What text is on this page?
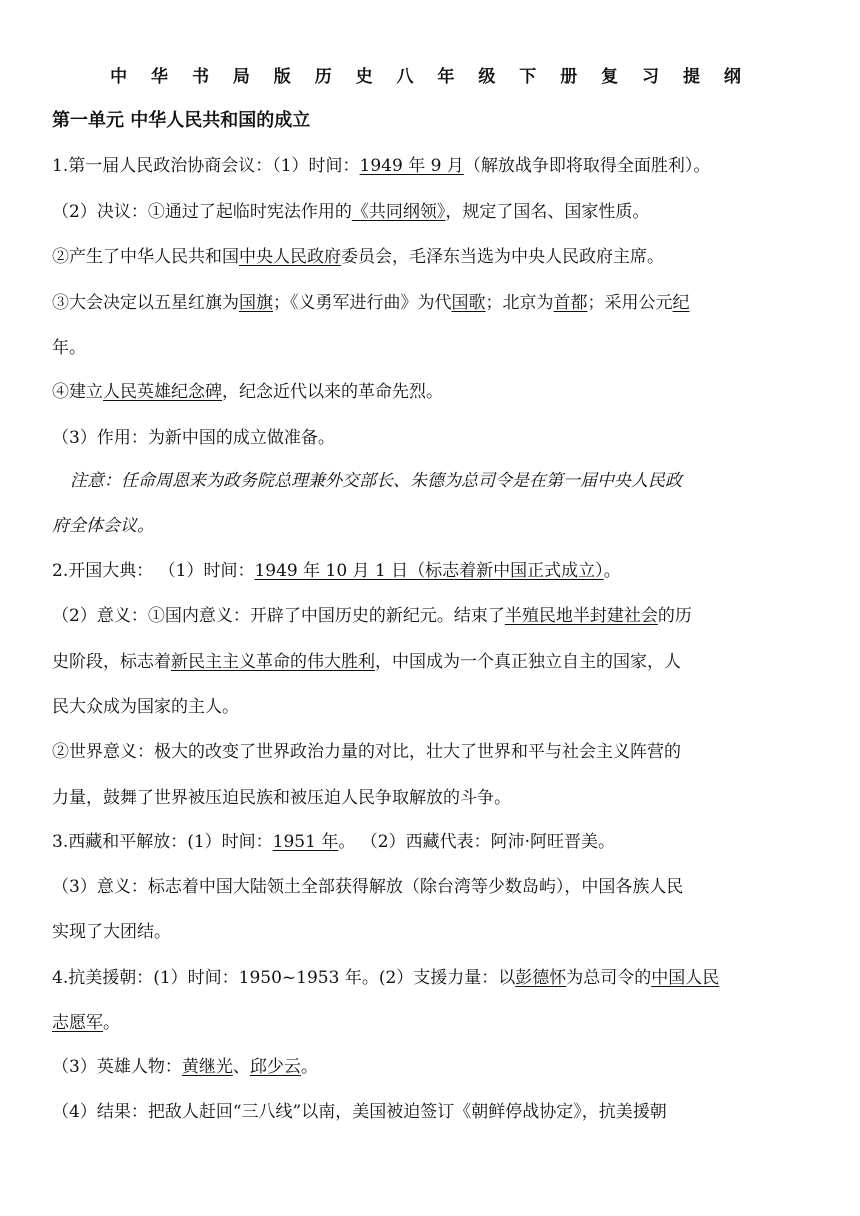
中 华 书 局 版 历 史 八 年 级 下 册 复 习 提 纲
第一单元 中华人民共和国的成立
1.第一届人民政治协商会议：（1）时间：1949 年 9 月（解放战争即将取得全面胜利）。
（2）决议：①通过了起临时宪法作用的《共同纲领》，规定了国名、国家性质。
②产生了中华人民共和国中央人民政府委员会，毛泽东当选为中央人民政府主席。
③大会决定以五星红旗为国旗；《义勇军进行曲》为代国歌；北京为首都；采用公元纪
年。
④建立人民英雄纪念碑，纪念近代以来的革命先烈。
（3）作用：为新中国的成立做准备。
注意：任命周恩来为政务院总理兼外交部长、朱德为总司令是在第一届中央人民政
府全体会议。
2.开国大典： （1）时间：1949 年 10 月 1 日（标志着新中国正式成立）。
（2）意义：①国内意义：开辟了中国历史的新纪元。结束了半殖民地半封建社会的历
史阶段，标志着新民主主义革命的伟大胜利，中国成为一个真正独立自主的国家，人
民大众成为国家的主人。
②世界意义：极大的改变了世界政治力量的对比，壮大了世界和平与社会主义阵营的
力量，鼓舞了世界被压迫民族和被压迫人民争取解放的斗争。
3.西藏和平解放：(1）时间：1951 年。 （2）西藏代表：阿沛·阿旺晋美。
（3）意义：标志着中国大陆领土全部获得解放（除台湾等少数岛屿），中国各族人民
实现了大团结。
4.抗美援朝：(1）时间：1950~1953 年。(2）支援力量：以彭德怀为总司令的中国人民
志愿军。
（3）英雄人物：黄继光、邱少云。
（4）结果：把敌人赶回“三八线”以南，美国被迫签订《朝鲜停战协定》，抗美援朝
